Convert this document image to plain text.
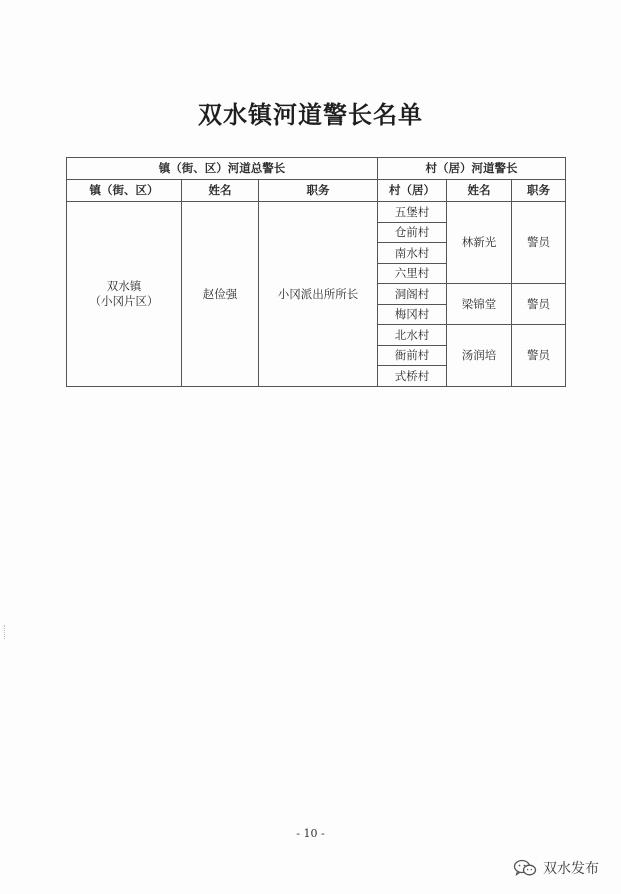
双水镇河道警长名单
镇（街、区）河道总警长			村（居）河道警长		
镇（街、区）	姓名	职务	村（居）	姓名	职务

双水镇
（小冈片区）	赵俭强	小冈派出所所长	五堡村	林新光	警员
			仓前村		
			南水村		
			六里村		
			洞阁村	梁锦堂	警员
			梅冈村		
			北水村	汤润培	警员
			衙前村		
			式桥村		
- 10 -
双水发布
